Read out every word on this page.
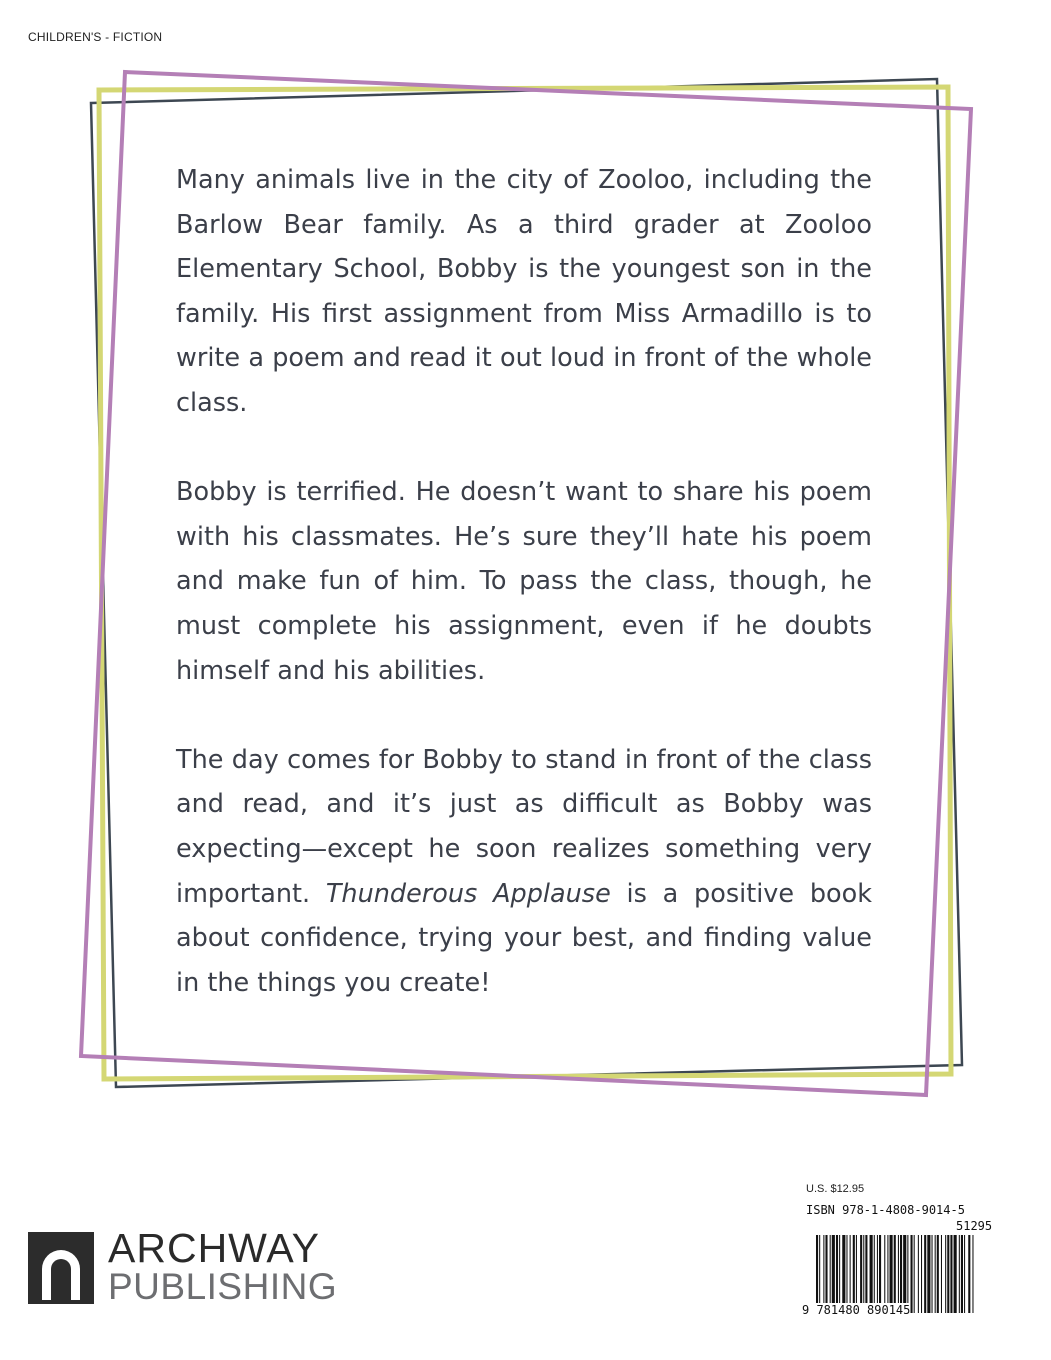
CHILDREN'S - FICTION

Many animals live in the city of Zooloo, including the Barlow Bear family. As a third grader at Zooloo Elementary School, Bobby is the youngest son in the family. His first assignment from Miss Armadillo is to write a poem and read it out loud in front of the whole class.

Bobby is terrified. He doesn’t want to share his poem with his classmates. He’s sure they’ll hate his poem and make fun of him. To pass the class, though, he must complete his assignment, even if he doubts himself and his abilities.

The day comes for Bobby to stand in front of the class and read, and it’s just as difficult as Bobby was expecting—except he soon realizes something very important. Thunderous Applause is a positive book about confidence, trying your best, and finding value in the things you create!

ARCHWAY
PUBLISHING
U.S. $12.95
ISBN 978-1-4808-9014-5
51295
9 781480 890145
